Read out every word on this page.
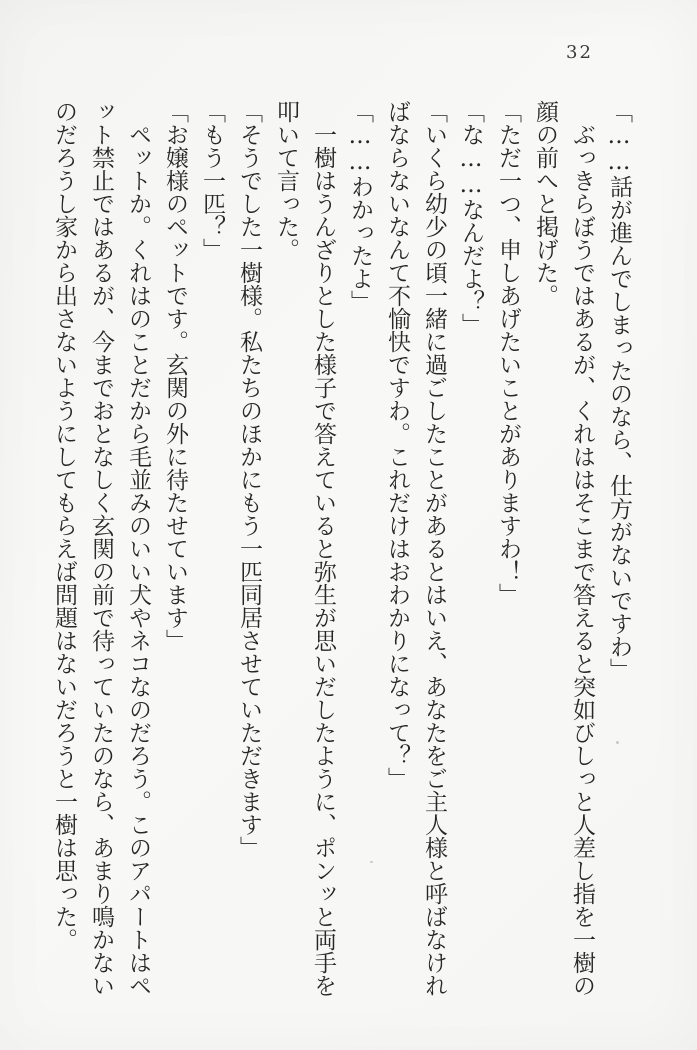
32

「……話が進んでしまったのなら、仕方がないですわ」

ぶっきらぼうではあるが、くれははそこまで答えると突如びしっと人差し指を一樹の顔の前へと掲げた。

「ただ一つ、申しあげたいことがありますわ！」

「な……なんだよ？」

「いくら幼少の頃一緒に過ごしたことがあるとはいえ、あなたをご主人様と呼ばなければならないなんて不愉快ですわ。これだけはおわかりになって？」

「……わかったよ」

一樹はうんざりとした様子で答えていると弥生が思いだしたように、ポンッと両手を叩いて言った。

「そうでした一樹様。私たちのほかにもう一匹同居させていただきます」

「もう一匹？」

「お嬢様のペットです。玄関の外に待たせています」

ペットか。くれはのことだから毛並みのいい犬やネコなのだろう。このアパートはペット禁止ではあるが、今までおとなしく玄関の前で待っていたのなら、あまり鳴かないのだろうし家から出さないようにしてもらえば問題はないだろうと一樹は思った。
